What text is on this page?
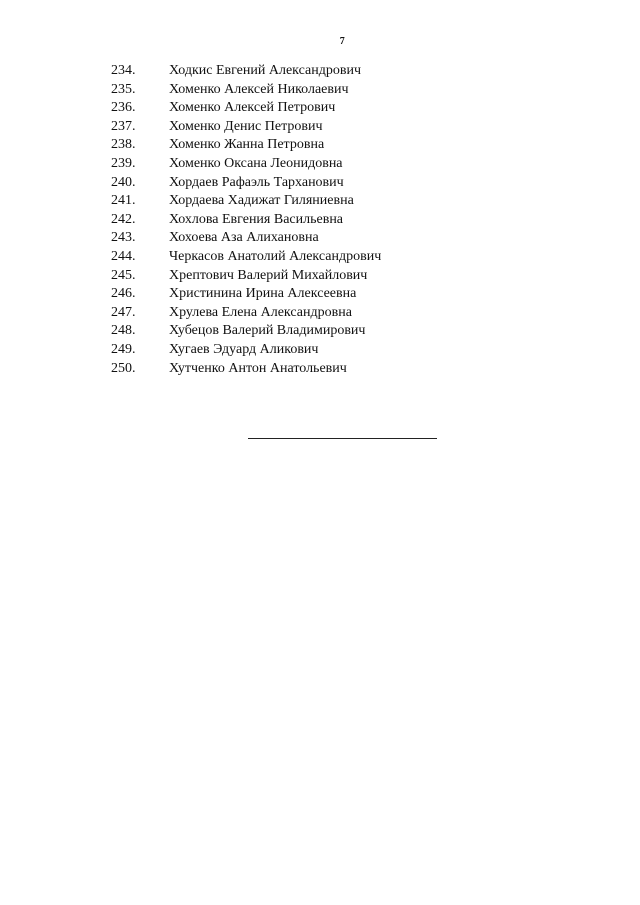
7
234. Ходкис Евгений Александрович
235. Хоменко Алексей Николаевич
236. Хоменко Алексей Петрович
237. Хоменко Денис Петрович
238. Хоменко Жанна Петровна
239. Хоменко Оксана Леонидовна
240. Хордаев Рафаэль Тарханович
241. Хордаева Хадижат Гиляниевна
242. Хохлова Евгения Васильевна
243. Хохоева Аза Алихановна
244. Черкасов Анатолий Александрович
245. Хрептович Валерий Михайлович
246. Христинина Ирина Алексеевна
247. Хрулева Елена Александровна
248. Хубецов Валерий Владимирович
249. Хугаев Эдуард Аликович
250. Хутченко Антон Анатольевич
